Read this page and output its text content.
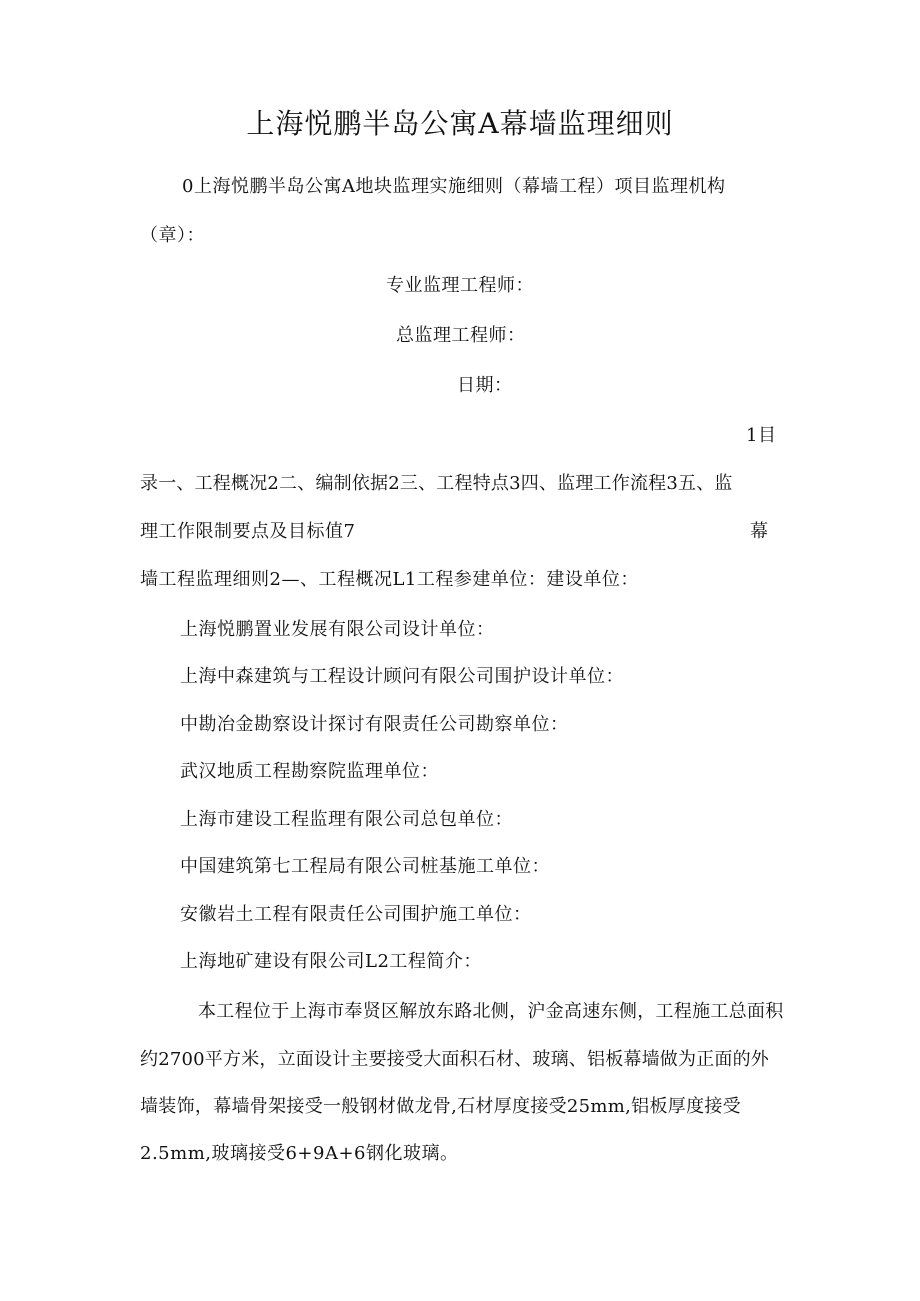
上海悦鹏半岛公寓A幕墙监理细则
0上海悦鹏半岛公寓A地块监理实施细则（幕墙工程）项目监理机构
（章）：
专业监理工程师：
总监理工程师：
日期：
1目
录一、工程概况2二、编制依据2三、工程特点3四、监理工作流程3五、监
理工作限制要点及目标值7	幕
墙工程监理细则2—、工程概况L1工程参建单位：建设单位：
上海悦鹏置业发展有限公司设计单位：
上海中森建筑与工程设计顾问有限公司围护设计单位：
中勘冶金勘察设计探讨有限责任公司勘察单位：
武汉地质工程勘察院监理单位：
上海市建设工程监理有限公司总包单位：
中国建筑第七工程局有限公司桩基施工单位：
安徽岩土工程有限责任公司围护施工单位：
上海地矿建设有限公司L2工程简介：
本工程位于上海市奉贤区解放东路北侧，沪金高速东侧，工程施工总面积
约2700平方米，立面设计主要接受大面积石材、玻璃、铝板幕墙做为正面的外
墙装饰，幕墙骨架接受一般钢材做龙骨,石材厚度接受25mm,铝板厚度接受
2.5mm,玻璃接受6+9A+6钢化玻璃。
